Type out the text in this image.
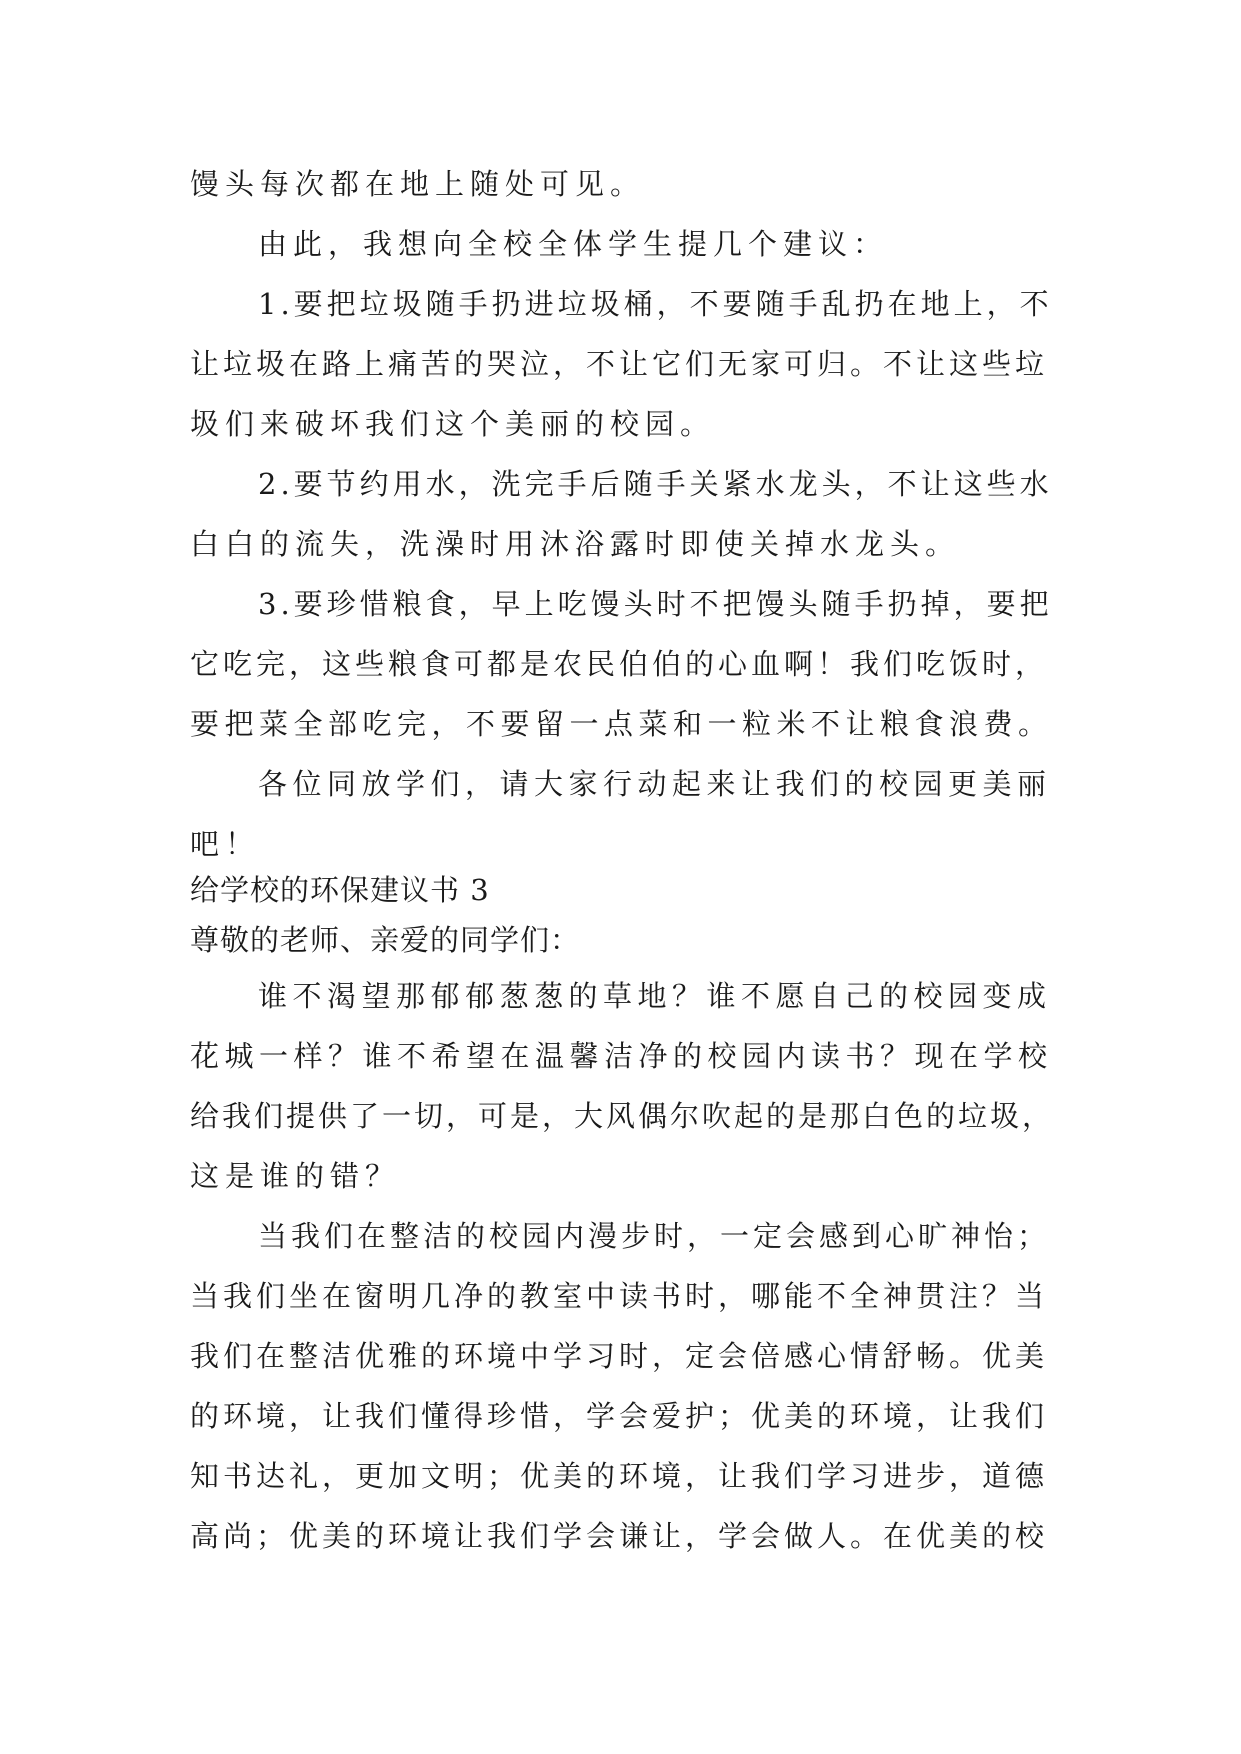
馒头每次都在地上随处可见。
由此，我想向全校全体学生提几个建议：
1.要把垃圾随手扔进垃圾桶，不要随手乱扔在地上，不
让垃圾在路上痛苦的哭泣，不让它们无家可归。不让这些垃
圾们来破坏我们这个美丽的校园。
2.要节约用水，洗完手后随手关紧水龙头，不让这些水
白白的流失，洗澡时用沐浴露时即使关掉水龙头。
3.要珍惜粮食，早上吃馒头时不把馒头随手扔掉，要把
它吃完，这些粮食可都是农民伯伯的心血啊！我们吃饭时，
要把菜全部吃完，不要留一点菜和一粒米不让粮食浪费。
各位同放学们，请大家行动起来让我们的校园更美丽
吧！
给学校的环保建议书 3
尊敬的老师、亲爱的同学们：
谁不渴望那郁郁葱葱的草地？谁不愿自己的校园变成
花城一样？谁不希望在温馨洁净的校园内读书？现在学校
给我们提供了一切，可是，大风偶尔吹起的是那白色的垃圾，
这是谁的错？
当我们在整洁的校园内漫步时，一定会感到心旷神怡；
当我们坐在窗明几净的教室中读书时，哪能不全神贯注？当
我们在整洁优雅的环境中学习时，定会倍感心情舒畅。优美
的环境，让我们懂得珍惜，学会爱护；优美的环境，让我们
知书达礼，更加文明；优美的环境，让我们学习进步，道德
高尚；优美的环境让我们学会谦让，学会做人。在优美的校
